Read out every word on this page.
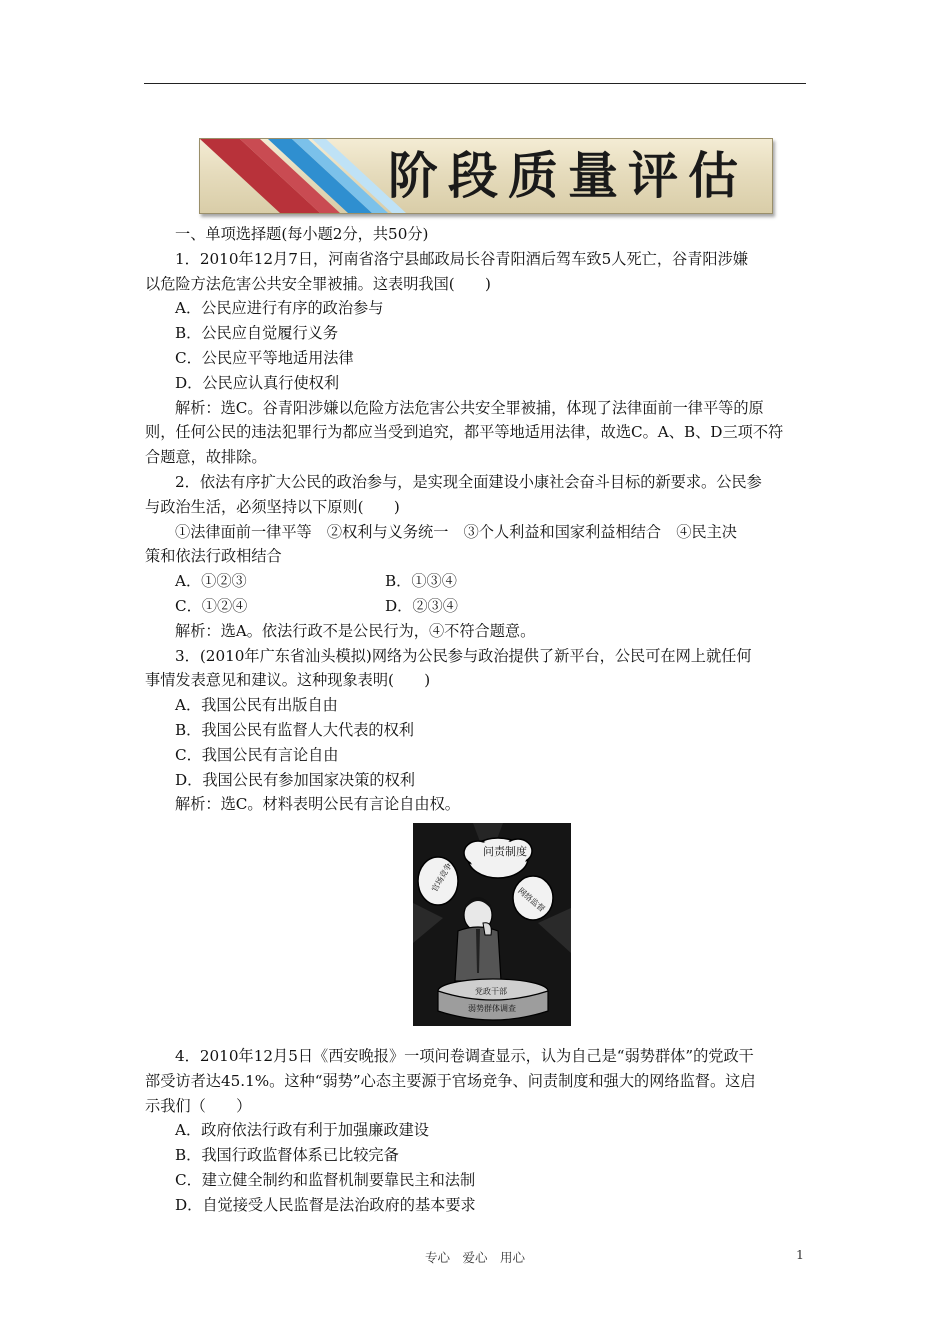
阶段质量评估
一、单项选择题(每小题2分，共50分)
1．2010年12月7日，河南省洛宁县邮政局长谷青阳酒后驾车致5人死亡，谷青阳涉嫌
以危险方法危害公共安全罪被捕。这表明我国(　　)
A．公民应进行有序的政治参与
B．公民应自觉履行义务
C．公民应平等地适用法律
D．公民应认真行使权利
解析：选C。谷青阳涉嫌以危险方法危害公共安全罪被捕，体现了法律面前一律平等的原
则，任何公民的违法犯罪行为都应当受到追究，都平等地适用法律，故选C。A、B、D三项不符
合题意，故排除。
2．依法有序扩大公民的政治参与，是实现全面建设小康社会奋斗目标的新要求。公民参
与政治生活，必须坚持以下原则(　　)
①法律面前一律平等　②权利与义务统一　③个人利益和国家利益相结合　④民主决
策和依法行政相结合
A．①②③	B．①③④
C．①②④	D．②③④
解析：选A。依法行政不是公民行为，④不符合题意。
3．(2010年广东省汕头模拟)网络为公民参与政治提供了新平台，公民可在网上就任何
事情发表意见和建议。这种现象表明(　　)
A．我国公民有出版自由
B．我国公民有监督人大代表的权利
C．我国公民有言论自由
D．我国公民有参加国家决策的权利
解析：选C。材料表明公民有言论自由权。
问责制度
官场竞争
网络监督
党政干部
弱势群体调查
4．2010年12月5日《西安晚报》一项问卷调查显示，认为自己是“弱势群体”的党政干
部受访者达45.1%。这种“弱势”心态主要源于官场竞争、问责制度和强大的网络监督。这启
示我们（　　）
A．政府依法行政有利于加强廉政建设
B．我国行政监督体系已比较完备
C．建立健全制约和监督机制要靠民主和法制
D．自觉接受人民监督是法治政府的基本要求
专心　爱心　用心	1
